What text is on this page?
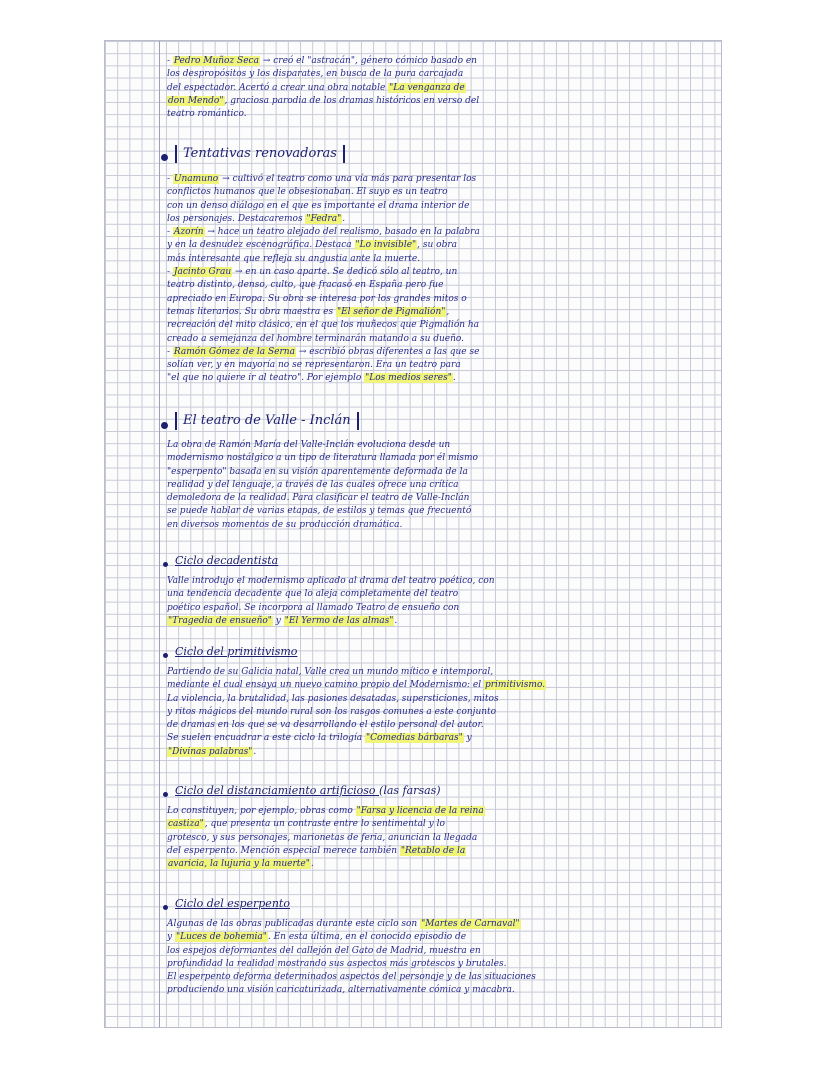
- Pedro Muñoz Seca → creó el "astracán", género cómico basado en
los despropósitos y los disparates, en busca de la pura carcajada
del espectador. Acertó a crear una obra notable "La venganza de
don Mendo", graciosa parodia de los dramas históricos en verso del
teatro romántico.
Tentativas renovadoras
- Unamuno → cultivó el teatro como una vía más para presentar los
conflictos humanos que le obsesionaban. El suyo es un teatro
con un denso diálogo en el que es importante el drama interior de
los personajes. Destacaremos "Fedra".
- Azorín → hace un teatro alejado del realismo, basado en la palabra
y en la desnudez escenográfica. Destaca "Lo invisible", su obra
más interesante que refleja su angustia ante la muerte.
- Jacinto Grau → en un caso aparte. Se dedicó sólo al teatro, un
teatro distinto, denso, culto, que fracasó en España pero fue
apreciado en Europa. Su obra se interesa por los grandes mitos o
temas literarios. Su obra maestra es "El señor de Pigmalión",
recreación del mito clásico, en el que los muñecos que Pigmalión ha
creado a semejanza del hombre terminarán matando a su dueño.
- Ramón Gómez de la Serna → escribió obras diferentes a las que se
solían ver, y en mayoría no se representaron. Era un teatro para
"el que no quiere ir al teatro". Por ejemplo "Los medios seres".
El teatro de Valle - Inclán
La obra de Ramón María del Valle-Inclán evoluciona desde un
modernismo nostálgico a un tipo de literatura llamada por él mismo
"esperpento" basada en su visión aparentemente deformada de la
realidad y del lenguaje, a través de las cuales ofrece una crítica
demoledora de la realidad. Para clasificar el teatro de Valle-Inclán
se puede hablar de varias etapas, de estilos y temas que frecuentó
en diversos momentos de su producción dramática.
Ciclo decadentista
Valle introdujo el modernismo aplicado al drama del teatro poético, con
una tendencia decadente que lo aleja completamente del teatro
poético español. Se incorpora al llamado Teatro de ensueño con
"Tragedia de ensueño" y "El Yermo de las almas".
Ciclo del primitivismo
Partiendo de su Galicia natal, Valle crea un mundo mítico e intemporal,
mediante el cual ensaya un nuevo camino propio del Modernismo: el primitivismo.
La violencia, la brutalidad, las pasiones desatadas, supersticiones, mitos
y ritos mágicos del mundo rural son los rasgos comunes a este conjunto
de dramas en los que se va desarrollando el estilo personal del autor.
Se suelen encuadrar a este ciclo la trilogía "Comedias bárbaras" y
"Divinas palabras".
Ciclo del distanciamiento artificioso (las farsas)
Lo constituyen, por ejemplo, obras como "Farsa y licencia de la reina
castiza", que presenta un contraste entre lo sentimental y lo
grotesco, y sus personajes, marionetas de feria, anuncian la llegada
del esperpento. Mención especial merece también "Retablo de la
avaricia, la lujuria y la muerte".
Ciclo del esperpento
Algunas de las obras publicadas durante este ciclo son "Martes de Carnaval"
y "Luces de bohemia". En esta última, en el conocido episodio de
los espejos deformantes del callejón del Gato de Madrid, muestra en
profundidad la realidad mostrando sus aspectos más grotescos y brutales.
El esperpento deforma determinados aspectos del personaje y de las situaciones
produciendo una visión caricaturizada, alternativamente cómica y macabra.
